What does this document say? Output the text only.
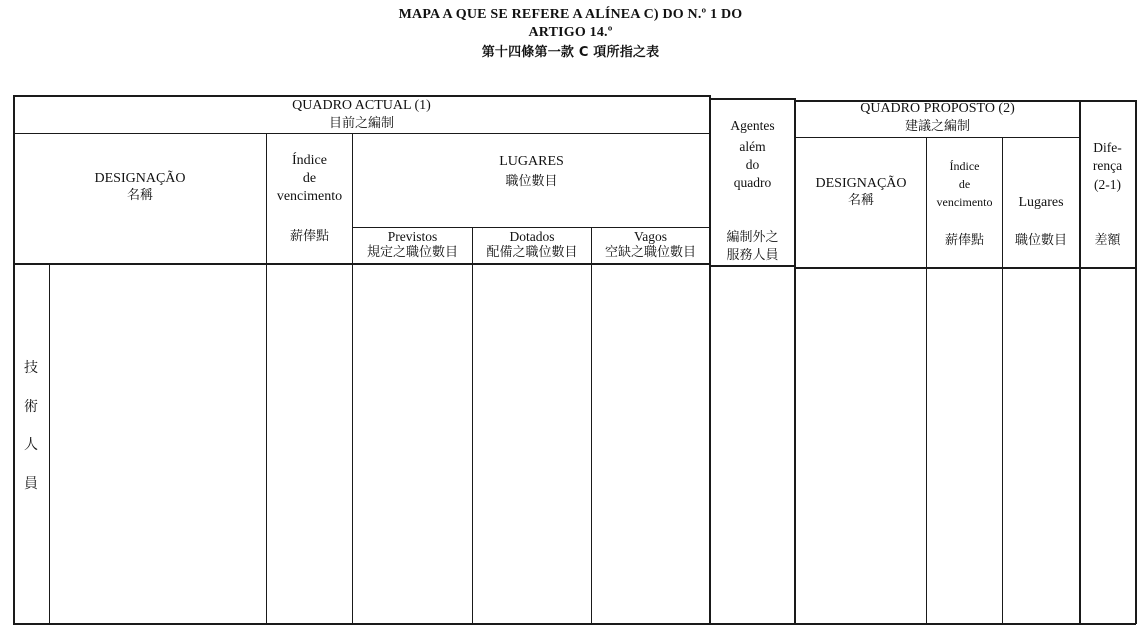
MAPA A QUE SE REFERE A ALÍNEA C) DO N.º 1 DO
ARTIGO 14.º
第十四條第一款 C 項所指之表
QUADRO ACTUAL (1)
目前之編制
DESIGNAÇÃO
名稱
Índice
de
vencimento
薪俸點
LUGARES
職位數目
Previstos
規定之職位數目
Dotados
配備之職位數目
Vagos
空缺之職位數目
Agentes
além
do
quadro
編制外之
服務人員
QUADRO PROPOSTO (2)
建議之編制
DESIGNAÇÃO
名稱
Índice
de
vencimento
薪俸點
Lugares
職位數目
Dife-
rença
(2-1)
差額
技
術
人
員
